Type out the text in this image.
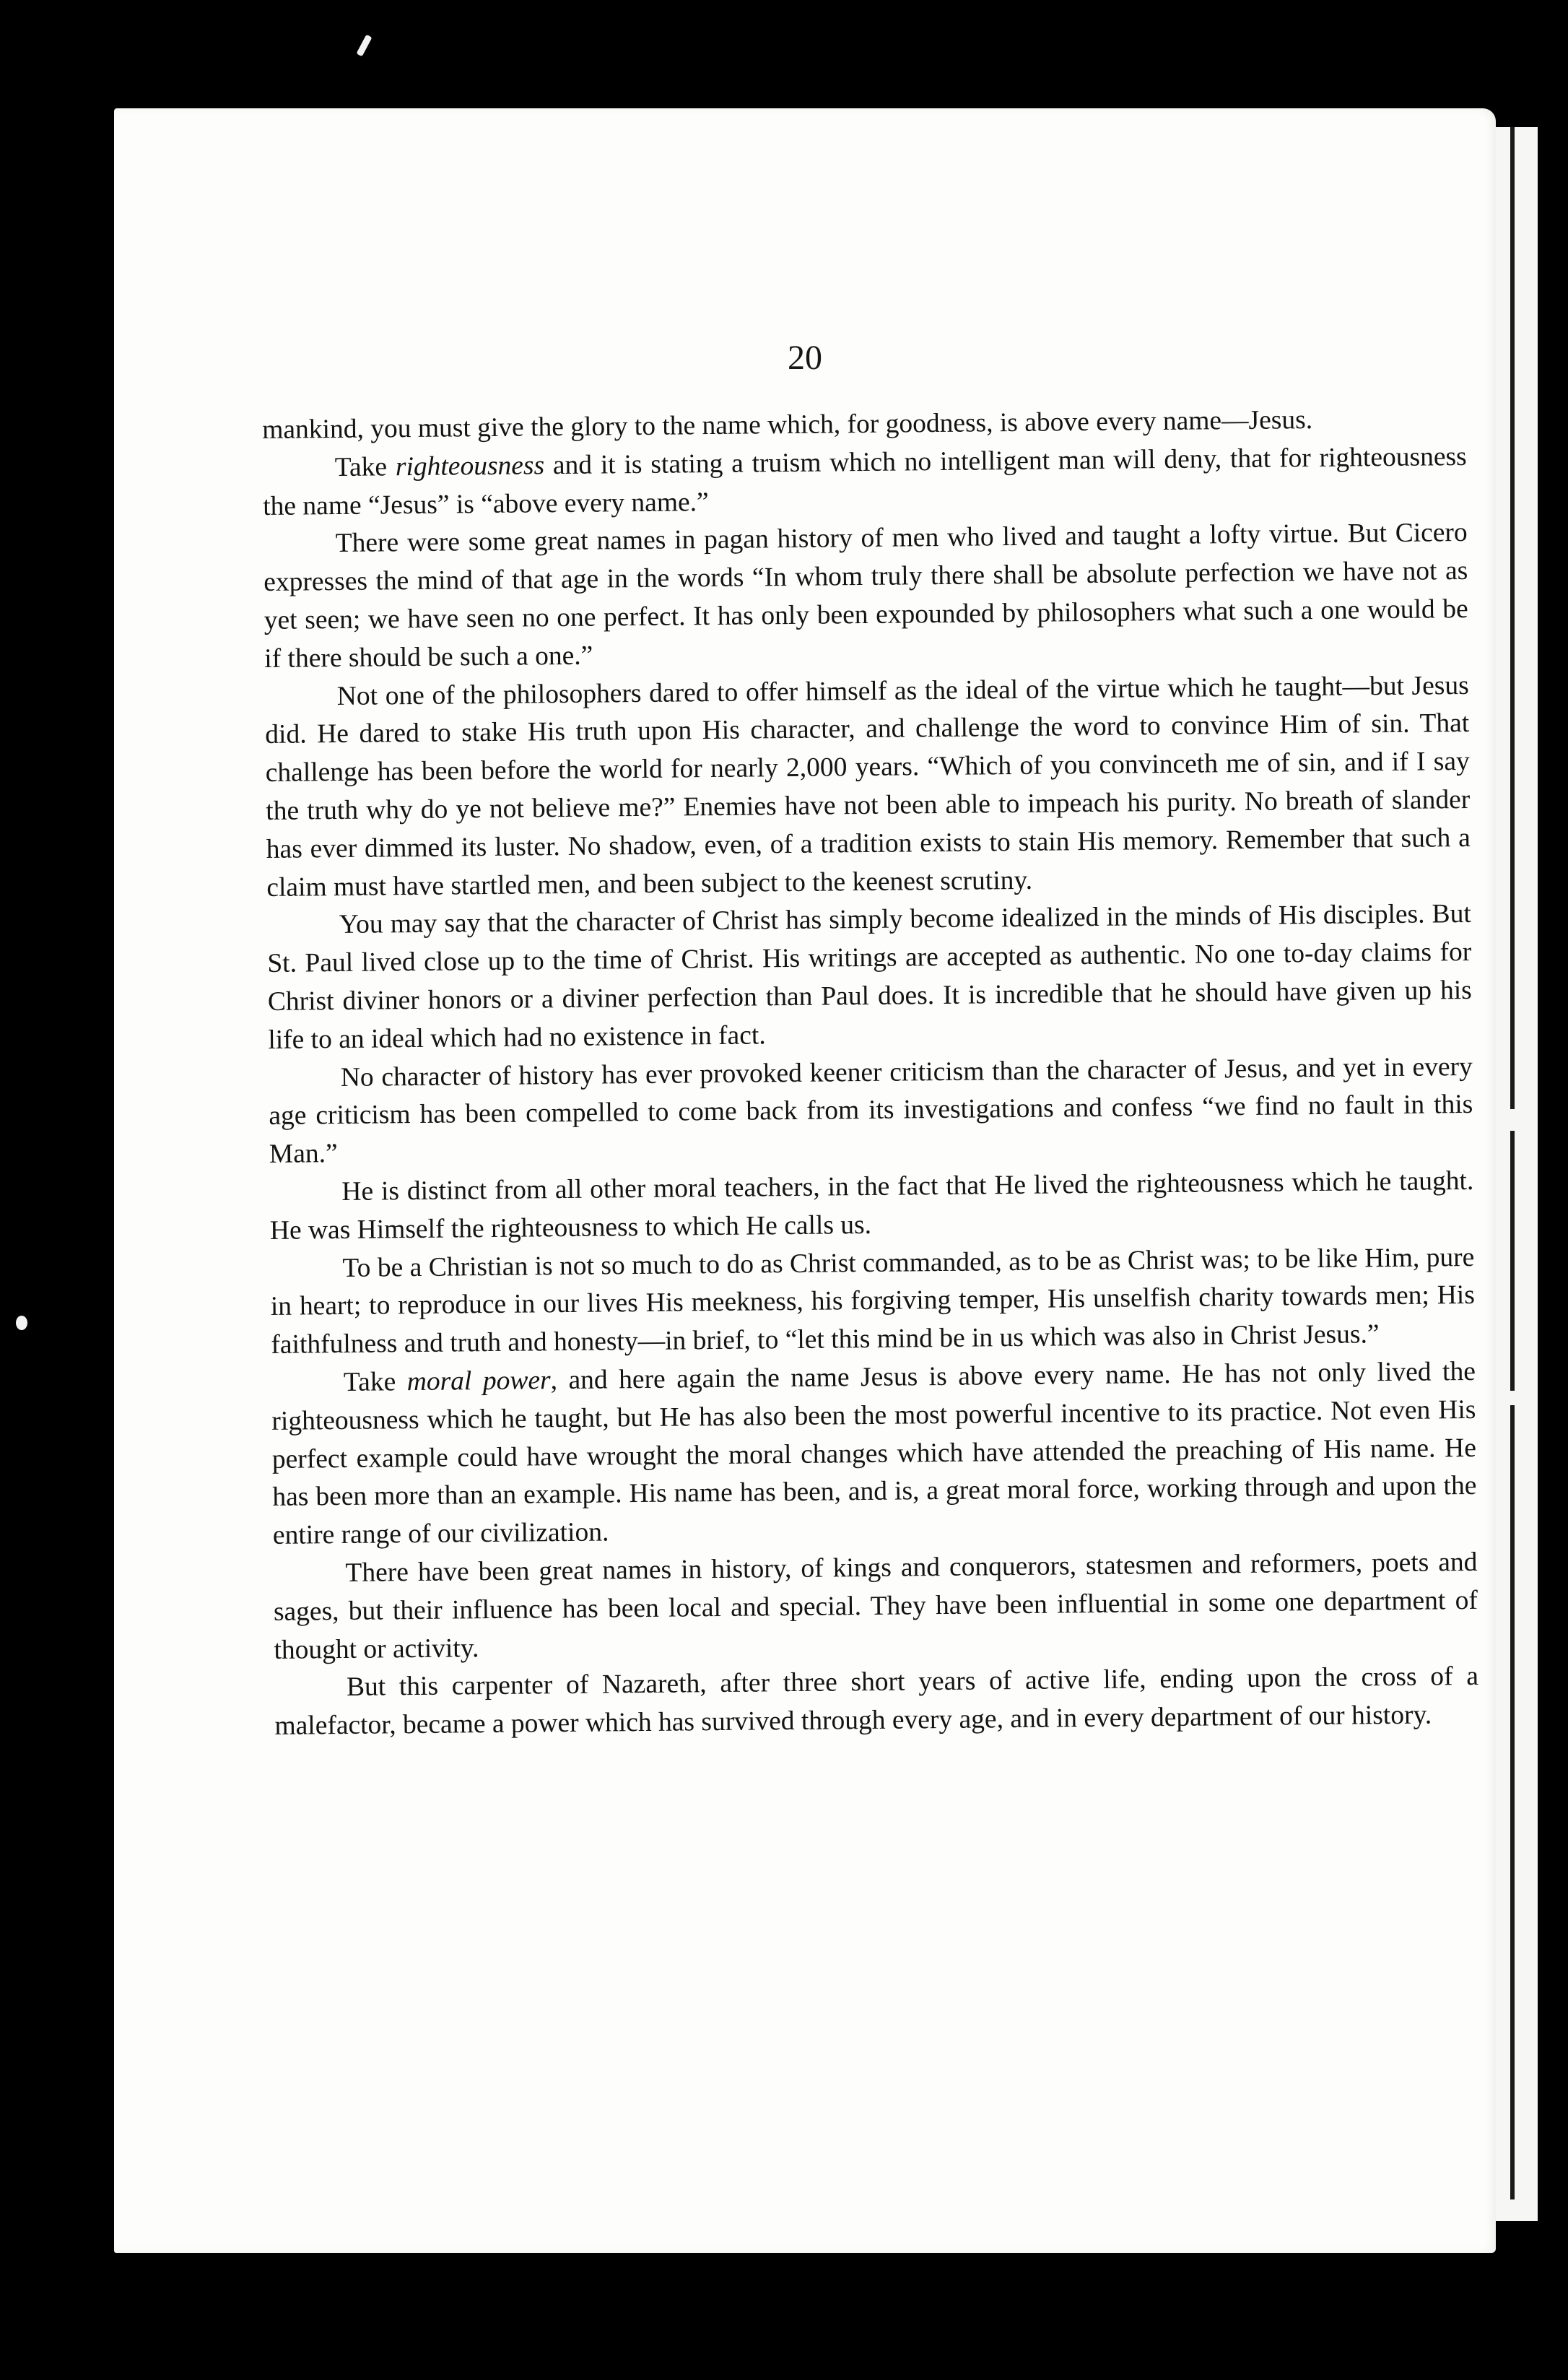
20

mankind, you must give the glory to the name which, for goodness, is above every name—Jesus.

Take righteousness and it is stating a truism which no intelligent man will deny, that for righteousness the name “Jesus” is “above every name.”

There were some great names in pagan history of men who lived and taught a lofty virtue. But Cicero expresses the mind of that age in the words “In whom truly there shall be absolute perfection we have not as yet seen; we have seen no one perfect. It has only been expounded by philosophers what such a one would be if there should be such a one.”

Not one of the philosophers dared to offer himself as the ideal of the virtue which he taught—but Jesus did. He dared to stake His truth upon His character, and challenge the word to convince Him of sin. That challenge has been before the world for nearly 2,000 years. “Which of you convinceth me of sin, and if I say the truth why do ye not believe me?” Enemies have not been able to impeach his purity. No breath of slander has ever dimmed its luster. No shadow, even, of a tradition exists to stain His memory. Remember that such a claim must have startled men, and been subject to the keenest scrutiny.

You may say that the character of Christ has simply become idealized in the minds of His disciples. But St. Paul lived close up to the time of Christ. His writings are accepted as authentic. No one to-day claims for Christ diviner honors or a diviner perfection than Paul does. It is incredible that he should have given up his life to an ideal which had no existence in fact.

No character of history has ever provoked keener criticism than the character of Jesus, and yet in every age criticism has been compelled to come back from its investigations and confess “we find no fault in this Man.”

He is distinct from all other moral teachers, in the fact that He lived the righteousness which he taught. He was Himself the righteousness to which He calls us.

To be a Christian is not so much to do as Christ commanded, as to be as Christ was; to be like Him, pure in heart; to reproduce in our lives His meekness, his forgiving temper, His unselfish charity towards men; His faithfulness and truth and honesty—in brief, to “let this mind be in us which was also in Christ Jesus.”

Take moral power, and here again the name Jesus is above every name. He has not only lived the righteousness which he taught, but He has also been the most powerful incentive to its practice. Not even His perfect example could have wrought the moral changes which have attended the preaching of His name. He has been more than an example. His name has been, and is, a great moral force, working through and upon the entire range of our civilization.

There have been great names in history, of kings and conquerors, statesmen and reformers, poets and sages, but their influence has been local and special. They have been influential in some one department of thought or activity.

But this carpenter of Nazareth, after three short years of active life, ending upon the cross of a malefactor, became a power which has survived through every age, and in every department of our history.
